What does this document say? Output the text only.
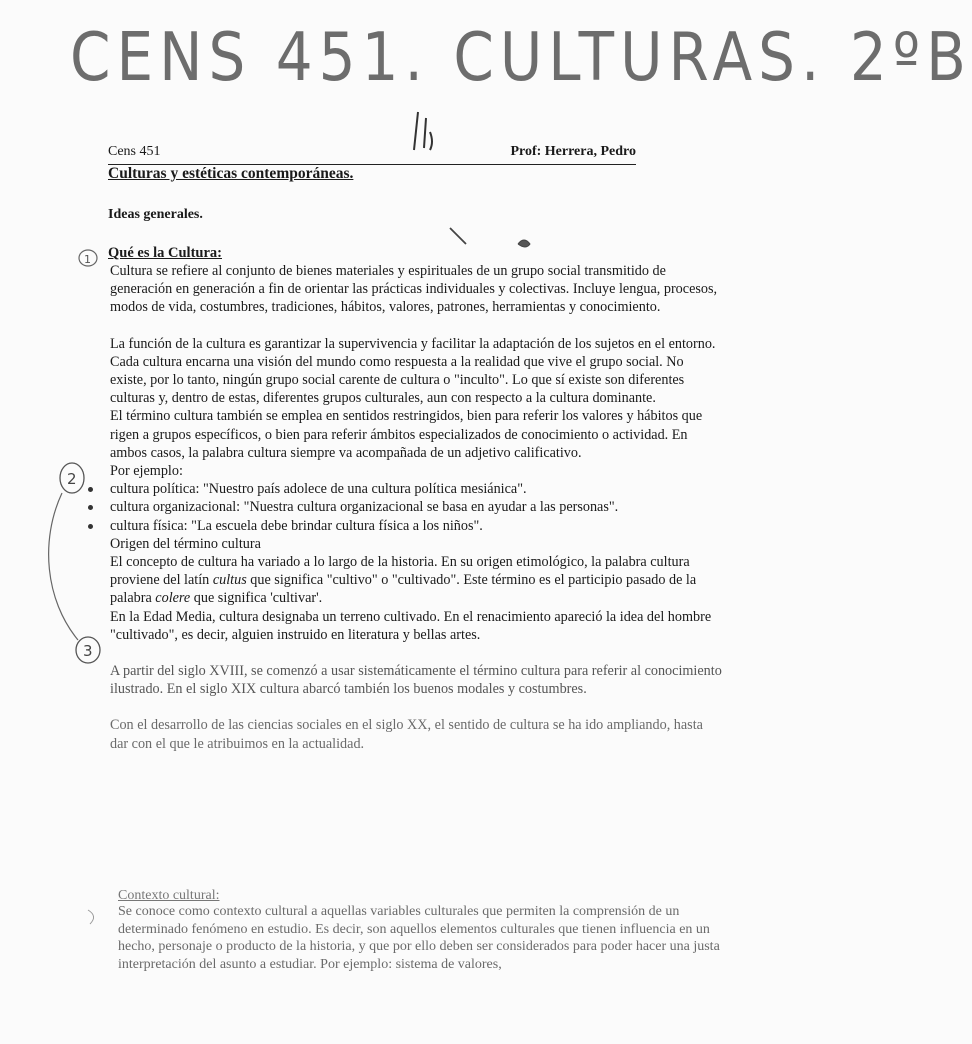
CENS 451. CULTURAS. 2ºB
Cens 451	Prof: Herrera, Pedro
Culturas y estéticas contemporáneas.
Ideas generales.
Qué es la Cultura:

Cultura se refiere al conjunto de bienes materiales y espirituales de un grupo social transmitido de generación en generación a fin de orientar las prácticas individuales y colectivas. Incluye lengua, procesos, modos de vida, costumbres, tradiciones, hábitos, valores, patrones, herramientas y conocimiento.

La función de la cultura es garantizar la supervivencia y facilitar la adaptación de los sujetos en el entorno.

Cada cultura encarna una visión del mundo como respuesta a la realidad que vive el grupo social. No existe, por lo tanto, ningún grupo social carente de cultura o "inculto". Lo que sí existe son diferentes culturas y, dentro de estas, diferentes grupos culturales, aun con respecto a la cultura dominante.

El término cultura también se emplea en sentidos restringidos, bien para referir los valores y hábitos que rigen a grupos específicos, o bien para referir ámbitos especializados de conocimiento o actividad. En ambos casos, la palabra cultura siempre va acompañada de un adjetivo calificativo.

Por ejemplo:

cultura política: "Nuestro país adolece de una cultura política mesiánica".
cultura organizacional: "Nuestra cultura organizacional se basa en ayudar a las personas".
cultura física: "La escuela debe brindar cultura física a los niños".

Origen del término cultura

El concepto de cultura ha variado a lo largo de la historia. En su origen etimológico, la palabra cultura proviene del latín cultus que significa "cultivo" o "cultivado". Este término es el participio pasado de la palabra colere que significa 'cultivar'.

En la Edad Media, cultura designaba un terreno cultivado. En el renacimiento apareció la idea del hombre "cultivado", es decir, alguien instruido en literatura y bellas artes.

A partir del siglo XVIII, se comenzó a usar sistemáticamente el término cultura para referir al conocimiento ilustrado. En el siglo XIX cultura abarcó también los buenos modales y costumbres.

Con el desarrollo de las ciencias sociales en el siglo XX, el sentido de cultura se ha ido ampliando, hasta dar con el que le atribuimos en la actualidad.

Contexto cultural:
Se conoce como contexto cultural a aquellas variables culturales que permiten la comprensión de un determinado fenómeno en estudio. Es decir, son aquellos elementos culturales que tienen influencia en un hecho, personaje o producto de la historia, y que por ello deben ser considerados para poder hacer una justa interpretación del asunto a estudiar. Por ejemplo: sistema de valores,
1
2
3
